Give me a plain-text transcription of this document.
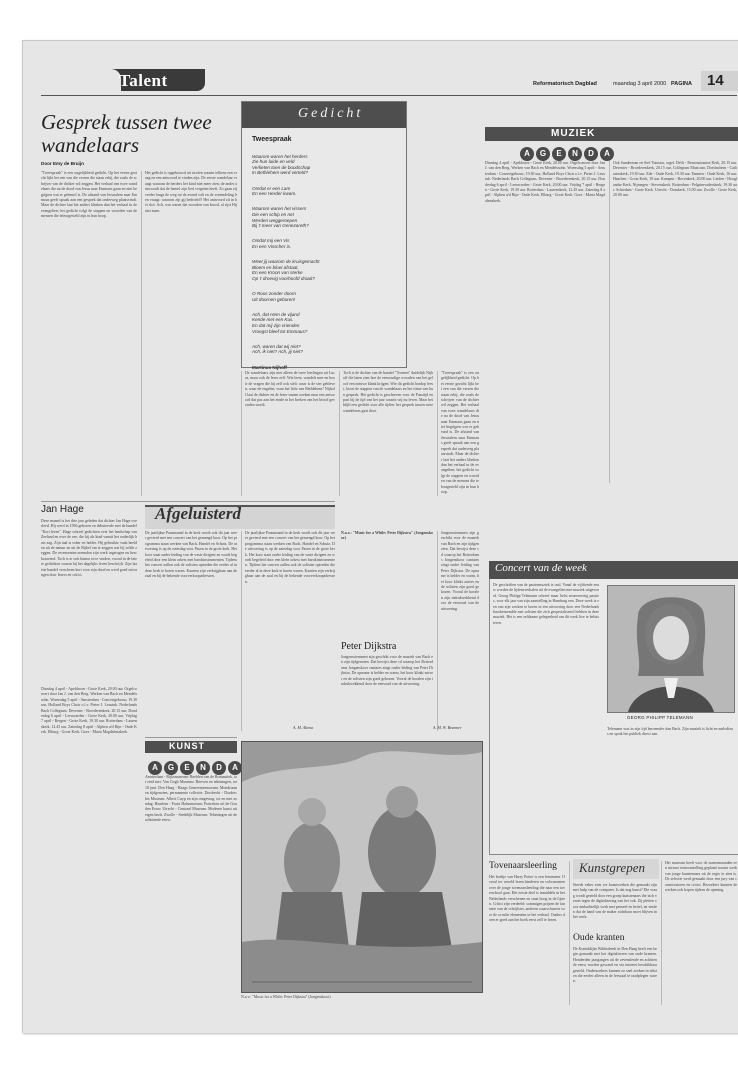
Talent	Reformatorisch Dagblad	maandag 3 april 2000 PAGINA 14
Gesprek tussen twee wandelaars
Door Emy de Bruijn
"Tweespraak" is een ongelijkheid gedicht. Op het eerste gezicht lijkt het een van die versen die staan erbij, die zoals de schrijver van de dichter wil zeggen. Het verhaal van twee wandelaars die na de dood van Jezus naar Emmaus gaan en niet begrijpen wat er gebeurd is. De afstand van Jeruzalem naar Emmaus geeft spraak aan een gesprek dat onderweg plaatsvindt. Maar de dichter laat het anders klinken dan het verhaal in de evangelien; het gedicht volgt de stappen en woorden van de mensen die teleurgesteld zijn in hun hoop.
Het gedicht is opgebouwd uit strofen waarin telkens een vraag en een antwoord te vinden zijn. De eerste wandelaar vraagt waarom de herders het kind niet meer zien; de ander antwoordt dat de hemel zijn lied vergeten heeft. Zo gaan zij verder langs de weg tot de avond valt en de vreemdeling hen vraagt: waarom zijt gij bedroefd? Het antwoord zit in het slot: Ach, wat waren dat woorden van brood, al rijst Hij niet meer.
De wandelaars zijn niet alleen de twee leerlingen uit Lucas, maar ook de lezer zelf. Wie leest, wandelt mee en hoort de vragen die hij zelf ook stelt: waar is de ster gebleven, waar de engelen, waar het licht van Bethlehem? Nijhoff laat de dichter en de lezer samen zoeken naar een antwoord dat pas aan het einde in het breken van het brood gevonden wordt.
Toch is de dichter van de bundel "Vormen" duidelijk Nijhoff die laten zien hoe de eenvoudige woorden van het geloof een nieuwe klank krijgen. Wie dit gedicht hardop leest, hoort de stappen van de wandelaars en het ritme van hun gesprek. Het gedicht is geschreven voor de Paastijd en past bij de tijd van het jaar waarin wij nu leven. Maar het blijft een gedicht voor alle tijden: het gesprek tussen twee wandelaars gaat door.
Gedicht
Tweespraak

Waarom waren het herders
Zie hun luide en veld
Verlieten toen de boodschap
In Bethlehem werd verteld?

Omdat er een Lam
En een Herder kwam.

Waarom waren het vissers
Die een schip en net
Werden weggeroepen
Bij 't meer van Genezareth?

Omdat mij een Vis
En een Visscher is.

Weet jij waarom de kruisgemacht
Bloem en bloei afstaat,
En een Kroon van sterke
Op 't droevig voorhoofd draait?

O Roos zonder doorn
Uit doornen geboren!

Ach, dat Hem de vijand
Kende met een Kus.
En dat mij zijn vrienden
Vroegst bleef tot Emmaus?

Ach, waren dat wij niet?
Ach, ik niet? Ach, jij niet?

Martinus Nijhoff

"Tweespraak" is een ongelijkheid gedicht. Op het eerste gezicht lijkt het een van die versen die staan erbij, die zoals de schrijver van de dichter wil zeggen. Het verhaal van twee wandelaars die na de dood van Jezus naar Emmaus gaan en niet begrijpen wat er gebeurd is. De afstand van Jeruzalem naar Emmaus geeft spraak aan een gesprek dat onderweg plaatsvindt. Maar de dichter laat het anders klinken dan het verhaal in de evangelien; het gedicht volgt de stappen en woorden van de mensen die teleurgesteld zijn in hun hoop.
MUZIEK
A G E N D A
Dinsdag 4 april - Apeldoorn - Grote Kerk, 20.00 uur. Orgelconcert door Jan J. van den Berg. Werken van Bach en Mendelssohn. Woensdag 5 april - Amsterdam - Concertgebouw, 19.30 uur, Holland Boys Choir o.l.v. Pieter J. Leusink. Nederlands Bach Collegium. Deventer - Broederenkerk, 20.15 uur. Donderdag 6 april - Leeuwarden - Grote Kerk, 20.00 uur. Vrijdag 7 april - Bergen - Grote Kerk, 19.30 uur. Rotterdam - Laurenskerk, 12.45 uur. Zaterdag 8 april - Alphen a/d Rijn - Oude Kerk. Elburg - Grote Kerk. Goes - Maria Magdalenakerk.
Ook Sanderman en Stef Tuinstra, orgel. Delft - Remonstrantse Kerk, 20.15 uur. Deventer - Broederenkerk, 20.15 uur, Collegium Musicum. Doetinchem - Catharinakerk, 19.30 uur. Ede - Oude Kerk, 19.30 uur. Emmen - Oude Kerk, 16 uur. Haarlem - Grote Kerk, 19 uur. Kampen - Bovenkerk, 20.00 uur. Leiden - Hooglandse Kerk. Nijmegen - Stevenskerk. Rotterdam - Pelgrimvaderskerk, 19.30 uur. Schiedam - Grote Kerk. Utrecht - Domkerk, 15.00 uur. Zwolle - Grote Kerk, 20.00 uur.
Jan Hage
Deze maand is het drie jaar geleden dat dichter Jan Hage overleed. Hij werd in 1956 geboren en debuteerde met de bundel "Kort leven". Hage schreef gedichten over het landschap van Zeeland en over de zee, die hij als kind vanuit het ouderlijk huis zag. Zijn taal is sober en helder. Hij gebruikte vaak beelden uit de natuur en uit de Bijbel om te zeggen wat hij wilde zeggen. De recensenten noemden zijn werk ingetogen en beschouwend. Toch is er ook humor in te vinden, vooral in de latere gedichten waarin hij het dagelijks leven beschrijft. Zijn laatste bundel verscheen kort voor zijn dood en werd goed ontvangen door lezers en critici.
Dinsdag 4 april - Apeldoorn - Grote Kerk, 20.00 uur. Orgelconcert door Jan J. van den Berg. Werken van Bach en Mendelssohn. Woensdag 5 april - Amsterdam - Concertgebouw, 19.30 uur, Holland Boys Choir o.l.v. Pieter J. Leusink. Nederlands Bach Collegium. Deventer - Broederenkerk, 20.15 uur. Donderdag 6 april - Leeuwarden - Grote Kerk, 20.00 uur. Vrijdag 7 april - Bergen - Grote Kerk, 19.30 uur. Rotterdam - Laurenskerk, 12.45 uur. Zaterdag 8 april - Alphen a/d Rijn - Oude Kerk. Elburg - Grote Kerk. Goes - Maria Magdalenakerk.
Afgeluisterd
De jaarlijkse Paasmaand in de kerk wordt ook dit jaar weer gevierd met een concert van het gemengd koor. Op het programma staan werken van Bach, Handel en Schutz. De uitvoering is op de zaterdag voor Pasen in de grote kerk. Het koor staat onder leiding van de vaste dirigent en wordt begeleid door een klein orkest met barokinstrumenten. Tijdens het concert zullen ook de solisten optreden die eerder al in deze kerk te horen waren. Kaarten zijn verkrijgbaar aan de zaal en bij de bekende voorverkoopadressen.
De jaarlijkse Paasmaand in de kerk wordt ook dit jaar weer gevierd met een concert van het gemengd koor. Op het programma staan werken van Bach, Handel en Schutz. De uitvoering is op de zaterdag voor Pasen in de grote kerk. Het koor staat onder leiding van de vaste dirigent en wordt begeleid door een klein orkest met barokinstrumenten. Tijdens het concert zullen ook de solisten optreden die eerder al in deze kerk te horen waren. Kaarten zijn verkrijgbaar aan de zaal en bij de bekende voorverkoopadressen.
A. M. Altena
N.a.v.: "Music for a While: Peter Dijkstra" (Jongenskoor)
Peter Dijkstra
Jongensstemmen zijn geschikt voor de muziek van Bach en zijn tijdgenoten. Dat bewijst deze cd waarop het Rotterdams Jongenskoor cantates zingt onder leiding van Peter Dijkstra. De opname is helder en warm, het koor klinkt zuiver en de solisten zijn goed gekozen. Vooral de koralen zijn indrukwekkend door de eenvoud van de uitvoering.
Jongensstemmen zijn geschikt voor de muziek van Bach en zijn tijdgenoten. Dat bewijst deze cd waarop het Rotterdams Jongenskoor cantates zingt onder leiding van Peter Dijkstra. De opname is helder en warm, het koor klinkt zuiver en de solisten zijn goed gekozen. Vooral de koralen zijn indrukwekkend door de eenvoud van de uitvoering.
A. M. W. Bezemer
KUNST
A G E N D A
Amsterdam - Rijksmuseum: Beelden van de Romantiek, tot eind mei. Van Gogh Museum: Brieven en tekeningen, tot 18 juni. Den Haag - Haags Gemeentemuseum: Mondriaan en tijdgenoten, permanente collectie. Dordrecht - Dordrechts Museum: Albert Cuyp en zijn omgeving, tot en met zondag. Haarlem - Frans Halsmuseum: Portretten uit de Gouden Eeuw. Utrecht - Centraal Museum: Moderne kunst uit eigen bezit. Zwolle - Stedelijk Museum: Tekeningen uit de achttiende eeuw.
N.a.v.: "Music for a While: Peter Dijkstra" (Jongenskoor)
Concert van de week
De geschriften van de passiemuziek is oud. Vanaf de vijftiende eeuw worden de lijdensverhalen uit de evangelien met muziek uitgevoerd. Georg Philipp Telemann schreef maar liefst zesenveertig passies, voor elk jaar van zijn aanstelling in Hamburg een. Deze week is een van zijn werken te horen in een uitvoering door een Nederlands barokensemble met solisten die zich gespecialiseerd hebben in deze muziek. Het is een zeldzame gelegenheid om dit werk live te beluisteren.
GEORG PHILIPP TELEMANN
Telemann was in zijn tijd beroemder dan Bach. Zijn muziek is licht en melodieus en sprak het publiek direct aan.
Tovenaarsleerling
Het boekje van Harry Potter is een fenomeen. Overal ter wereld lezen kinderen en volwassenen over de jonge tovenaarsleerling die naar een toverschool gaat. Het eerste deel is inmiddels in het Nederlands verschenen en staat hoog in de lijsten. Critici zijn verdeeld: sommigen prijzen de fantasie van de schrijfster, anderen waarschuwen voor de occulte elementen in het verhaal. Ouders doen er goed aan het boek eerst zelf te lezen.
Kunstgrepen
Steeds vaker zien we kunstwerken die gemaakt zijn met hulp van de computer. Is dat nog kunst? Die vraag wordt gesteld door een groep kunstenaars die zich verzet tegen de digitalisering van het vak. Zij pleiten voor ambachtelijk werk met penseel en beitel, en vinden dat de hand van de maker zichtbaar moet blijven in het werk.
Oude kranten
De Koninklijke Bibliotheek in Den Haag heeft een begin gemaakt met het digitaliseren van oude kranten. Honderden jaargangen uit de zeventiende en achttiende eeuw worden gescand en via internet beschikbaar gesteld. Onderzoekers kunnen zo snel zoeken in teksten die eerder alleen in de leeszaal te raadplegen waren.
Het museum heeft voor de zomermaanden een nieuwe tentoonstelling gepland waarin werk van jonge kunstenaars uit de regio te zien is. De selectie werd gemaakt door een jury van conservatoren en critici. Bezoekers kunnen de werken ook kopen tijdens de opening.
